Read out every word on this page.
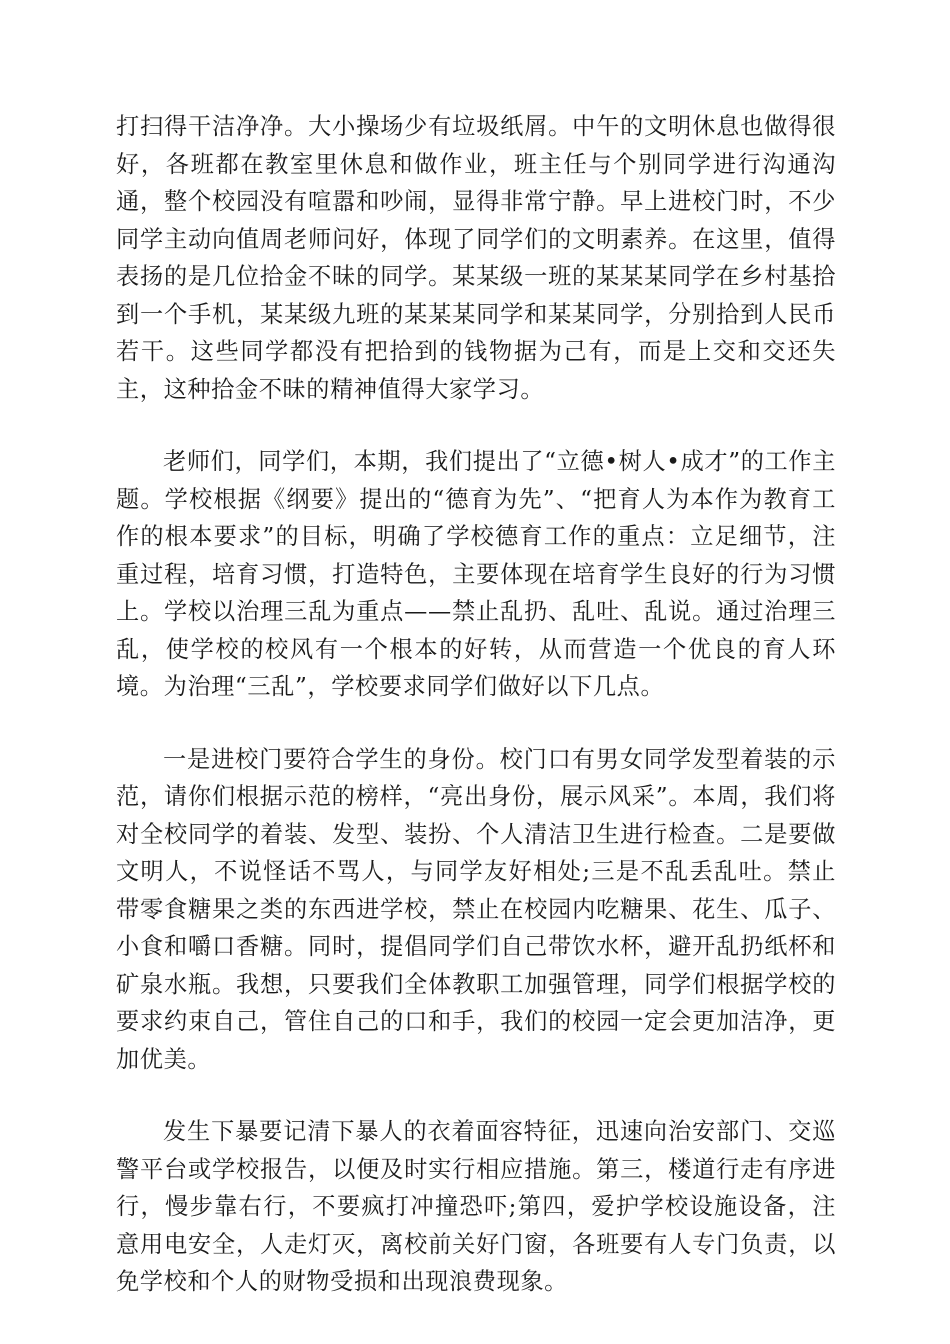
打扫得干洁净净。大小操场少有垃圾纸屑。中午的文明休息也做得很好，各班都在教室里休息和做作业，班主任与个别同学进行沟通沟通，整个校园没有喧嚣和吵闹，显得非常宁静。早上进校门时，不少同学主动向值周老师问好，体现了同学们的文明素养。在这里，值得表扬的是几位拾金不昧的同学。某某级一班的某某某同学在乡村基拾到一个手机，某某级九班的某某某同学和某某同学，分别拾到人民币若干。这些同学都没有把拾到的钱物据为己有，而是上交和交还失主，这种拾金不昧的精神值得大家学习。

老师们，同学们，本期，我们提出了“立德•树人•成才”的工作主题。学校根据《纲要》提出的“德育为先”、“把育人为本作为教育工作的根本要求”的目标，明确了学校德育工作的重点：立足细节，注重过程，培育习惯，打造特色，主要体现在培育学生良好的行为习惯上。学校以治理三乱为重点——禁止乱扔、乱吐、乱说。通过治理三乱，使学校的校风有一个根本的好转，从而营造一个优良的育人环境。为治理“三乱”，学校要求同学们做好以下几点。

一是进校门要符合学生的身份。校门口有男女同学发型着装的示范，请你们根据示范的榜样，“亮出身份，展示风采”。本周，我们将对全校同学的着装、发型、装扮、个人清洁卫生进行检查。二是要做文明人，不说怪话不骂人，与同学友好相处;三是不乱丢乱吐。禁止带零食糖果之类的东西进学校，禁止在校园内吃糖果、花生、瓜子、小食和嚼口香糖。同时，提倡同学们自己带饮水杯，避开乱扔纸杯和矿泉水瓶。我想，只要我们全体教职工加强管理，同学们根据学校的要求约束自己，管住自己的口和手，我们的校园一定会更加洁净，更加优美。

发生下暴要记清下暴人的衣着面容特征，迅速向治安部门、交巡警平台或学校报告，以便及时实行相应措施。第三，楼道行走有序进行，慢步靠右行，不要疯打冲撞恐吓;第四，爱护学校设施设备，注意用电安全，人走灯灭，离校前关好门窗，各班要有人专门负责，以免学校和个人的财物受损和出现浪费现象。
